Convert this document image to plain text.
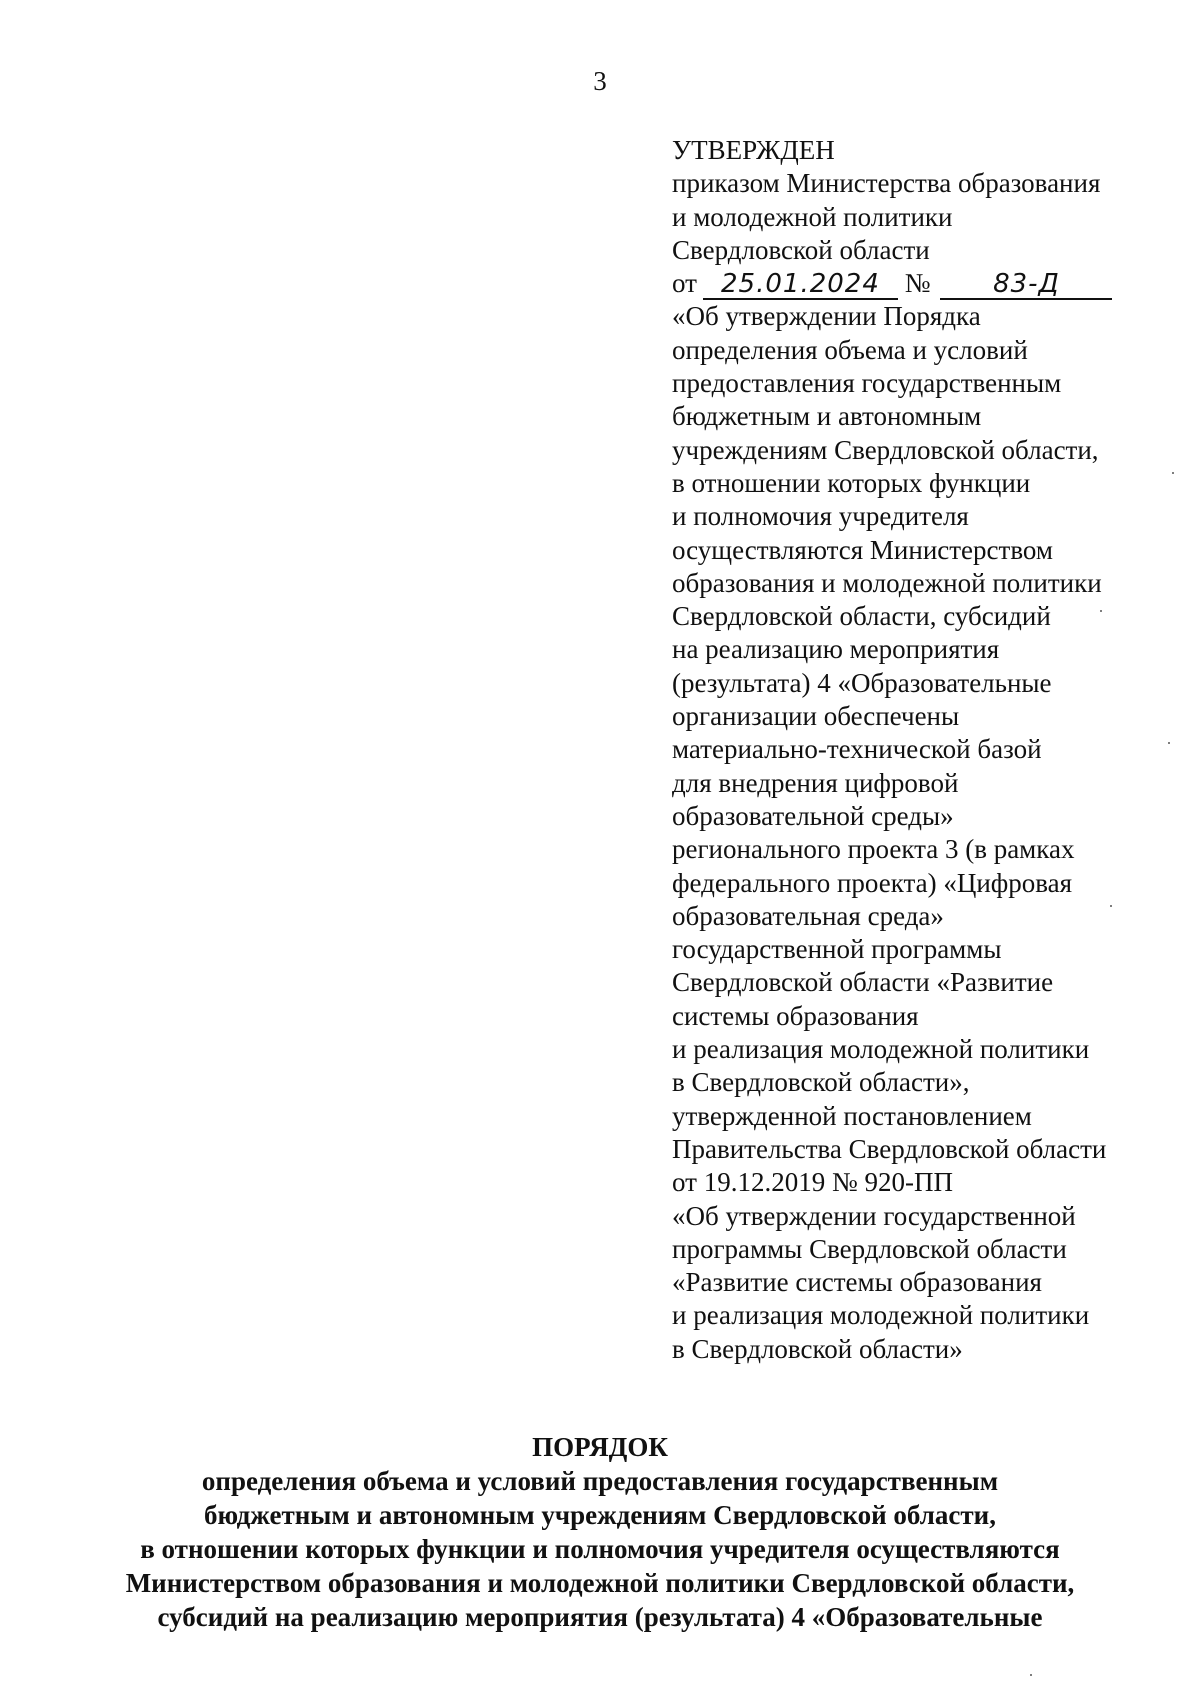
3
УТВЕРЖДЕН
приказом Министерства образования
и молодежной политики
Свердловской области
от 25.01.2024 № 83-Д
«Об утверждении Порядка
определения объема и условий
предоставления государственным
бюджетным и автономным
учреждениям Свердловской области,
в отношении которых функции
и полномочия учредителя
осуществляются Министерством
образования и молодежной политики
Свердловской области, субсидий
на реализацию мероприятия
(результата) 4 «Образовательные
организации обеспечены
материально-технической базой
для внедрения цифровой
образовательной среды»
регионального проекта 3 (в рамках
федерального проекта) «Цифровая
образовательная среда»
государственной программы
Свердловской области «Развитие
системы образования
и реализация молодежной политики
в Свердловской области»,
утвержденной постановлением
Правительства Свердловской области
от 19.12.2019 № 920-ПП
«Об утверждении государственной
программы Свердловской области
«Развитие системы образования
и реализация молодежной политики
в Свердловской области»
ПОРЯДОК
определения объема и условий предоставления государственным
бюджетным и автономным учреждениям Свердловской области,
в отношении которых функции и полномочия учредителя осуществляются
Министерством образования и молодежной политики Свердловской области,
субсидий на реализацию мероприятия (результата) 4 «Образовательные
